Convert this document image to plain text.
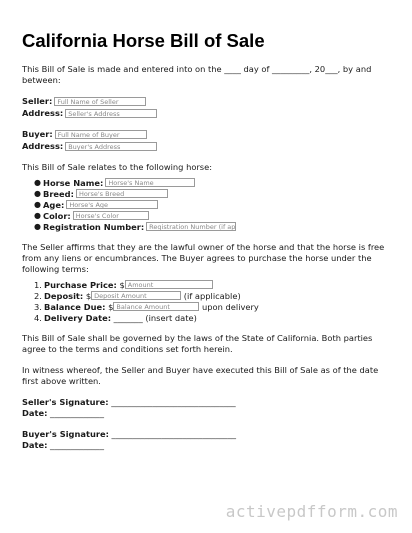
California Horse Bill of Sale

This Bill of Sale is made and entered into on the ____ day of _________, 20___, by and between:

Seller: Full Name of Seller
Address: Seller's Address
Buyer: Full Name of Buyer
Address: Buyer's Address

This Bill of Sale relates to the following horse:

● Horse Name: Horse's Name
● Breed: Horse's Breed
● Age: Horse's Age
● Color: Horse's Color
● Registration Number: Registration Number (if ap

The Seller affirms that they are the lawful owner of the horse and that the horse is free from any liens or encumbrances. The Buyer agrees to purchase the horse under the following terms:

1. Purchase Price:
$ Amount
2. Deposit:
$ Deposit Amount
	(if applicable)
3. Balance Due:
$ Balance Amount
	upon delivery
4. Delivery Date:
_______ (insert date)

This Bill of Sale shall be governed by the laws of the State of California. Both parties agree to the terms and conditions set forth herein.

In witness whereof, the Seller and Buyer have executed this Bill of Sale as of the date first above written.

Seller's Signature:
______________________________
Date:
_____________
Buyer's Signature:
______________________________
Date:
_____________
activepdfform.com
